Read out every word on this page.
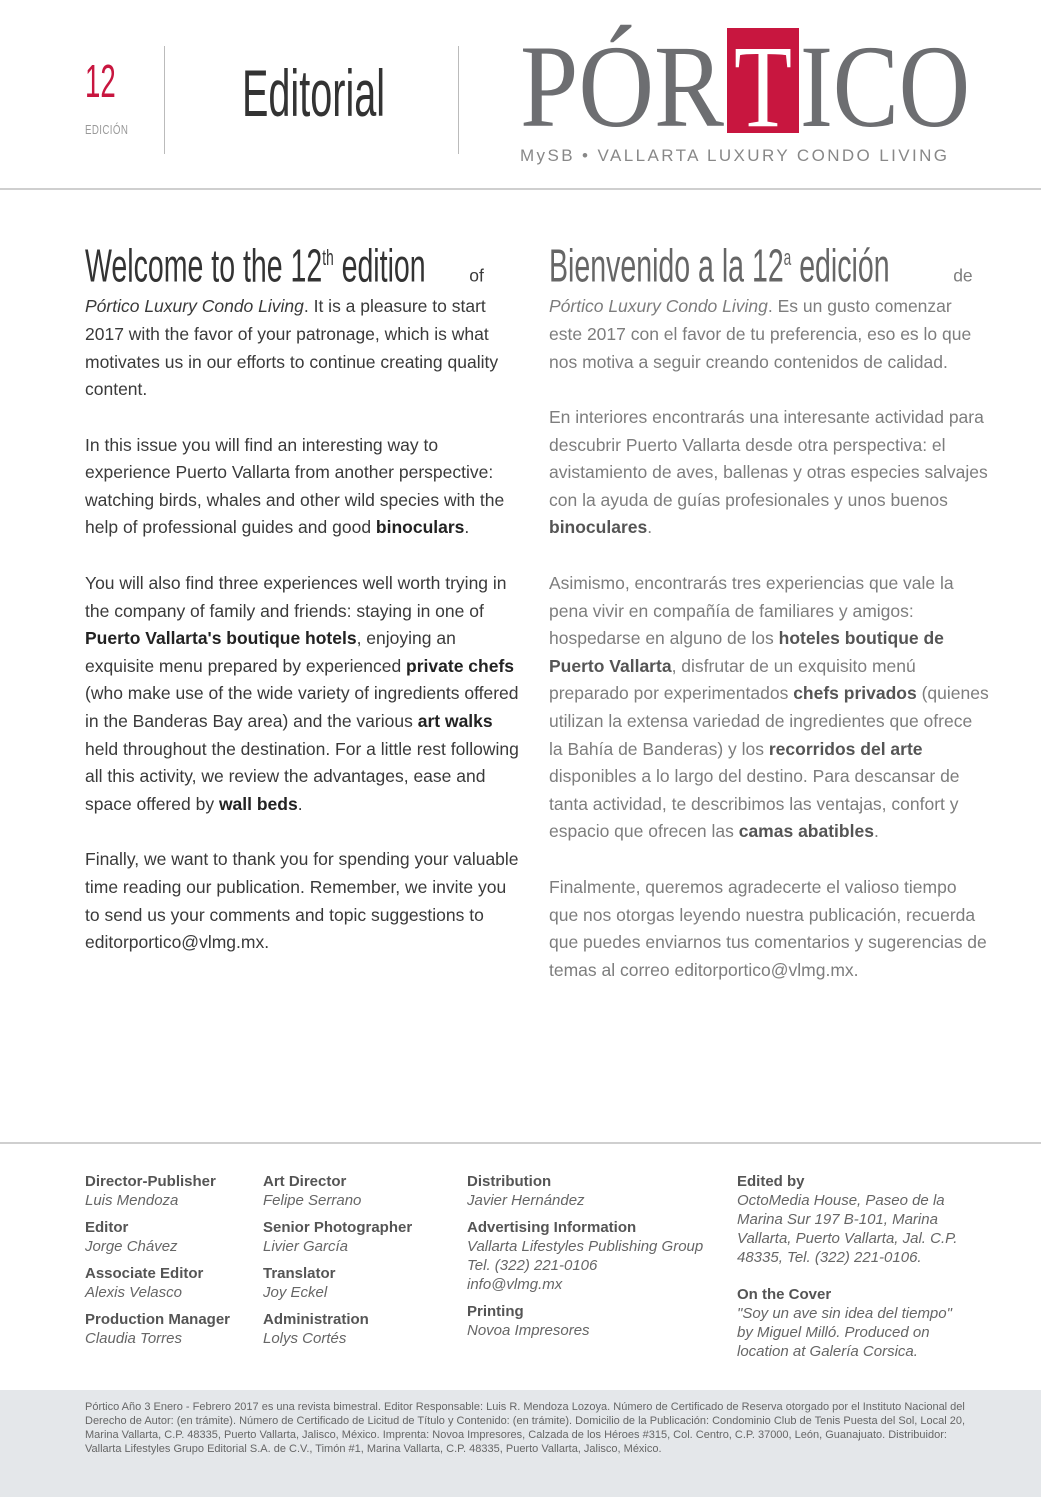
12
EDICIÓN Editorial PÓR T ICO
MySB • VALLARTA LUXURY CONDO LIVING

Welcome to the 12th edition of Pórtico Luxury Condo Living. It is a pleasure to start 2017 with the favor of your patronage, which is what motivates us in our efforts to continue creating quality content.

In this issue you will find an interesting way to experience Puerto Vallarta from another perspective: watching birds, whales and other wild species with the help of professional guides and good binoculars.

You will also find three experiences well worth trying in the company of family and friends: staying in one of Puerto Vallarta's boutique hotels, enjoying an exquisite menu prepared by experienced private chefs (who make use of the wide variety of ingredients offered in the Banderas Bay area) and the various art walks held throughout the destination. For a little rest following all this activity, we review the advantages, ease and space offered by wall beds.

Finally, we want to thank you for spending your valuable time reading our publication. Remember, we invite you to send us your comments and topic suggestions to editorportico@vlmg.mx.

Bienvenido a la 12$^a$ edición	de Pórtico Luxury Condo Living. Es un gusto comenzar este 2017 con el favor de tu preferencia, eso es lo que nos motiva a seguir creando contenidos de calidad.

En interiores encontrarás una interesante actividad para descubrir Puerto Vallarta desde otra perspectiva: el avistamiento de aves, ballenas y otras especies salvajes con la ayuda de guías profesionales y unos buenos binoculares.

Asimismo, encontrarás tres experiencias que vale la pena vivir en compañía de familiares y amigos: hospedarse en alguno de los hoteles boutique de Puerto Vallarta, disfrutar de un exquisito menú preparado por experimentados chefs privados (quienes utilizan la extensa variedad de ingredientes que ofrece la Bahía de Banderas) y los recorridos del arte disponibles a lo largo del destino. Para descansar de tanta actividad, te describimos las ventajas, confort y espacio que ofrecen las camas abatibles.

Finalmente, queremos agradecerte el valioso tiempo que nos otorgas leyendo nuestra publicación, recuerda que puedes enviarnos tus comentarios y sugerencias de temas al correo editorportico@vlmg.mx.

Director-Publisher
Luis Mendoza
Editor
Jorge Chávez
Associate Editor
Alexis Velasco
Production Manager
Claudia Torres
Art Director
Felipe Serrano
Senior Photographer
Livier García
Translator
Joy Eckel
Administration
Lolys Cortés
Distribution
Javier Hernández
Advertising Information
Vallarta Lifestyles Publishing Group
Tel. (322) 221-0106
info@vlmg.mx
Printing
Novoa Impresores
Edited by
OctoMedia House, Paseo de la Marina Sur 197 B-101, Marina Vallarta, Puerto Vallarta, Jal. C.P. 48335, Tel. (322) 221-0106.
On the Cover
"Soy un ave sin idea del tiempo" by Miguel Milló. Produced on location at Galería Corsica.
Pórtico Año 3 Enero - Febrero 2017 es una revista bimestral. Editor Responsable: Luis R. Mendoza Lozoya. Número de Certificado de Reserva otorgado por el Instituto Nacional del Derecho de Autor: (en trámite). Número de Certificado de Licitud de Título y Contenido: (en trámite). Domicilio de la Publicación: Condominio Club de Tenis Puesta del Sol, Local 20, Marina Vallarta, C.P. 48335, Puerto Vallarta, Jalisco, México. Imprenta: Novoa Impresores, Calzada de los Héroes #315, Col. Centro, C.P. 37000, León, Guanajuato. Distribuidor: Vallarta Lifestyles Grupo Editorial S.A. de C.V., Timón #1, Marina Vallarta, C.P. 48335, Puerto Vallarta, Jalisco, México.
